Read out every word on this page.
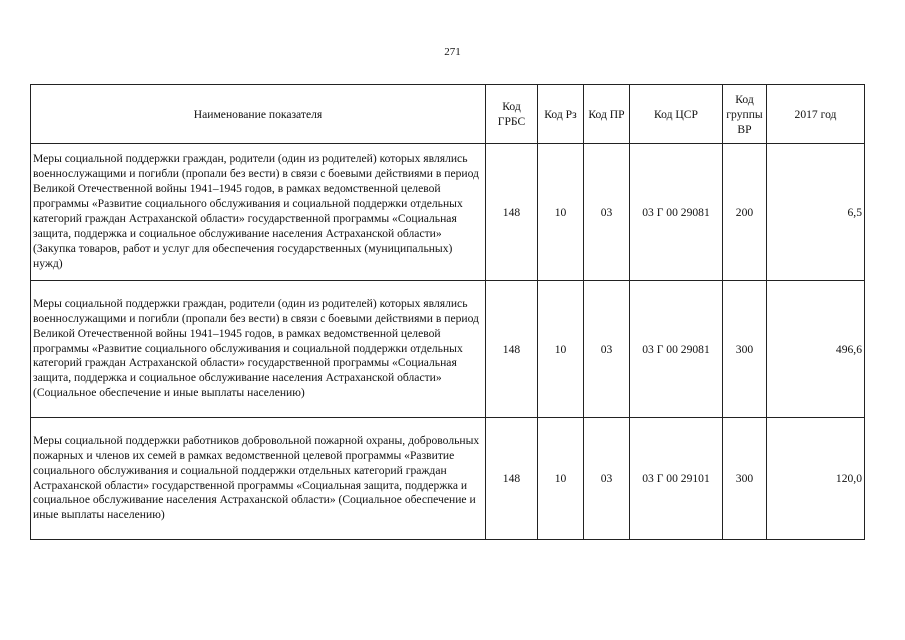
271
Наименование показателя	Код ГРБС	Код Рз	Код ПР	Код ЦСР	Код группы ВР	2017 год
Меры социальной поддержки граждан, родители (один из родителей) которых являлись военнослужащими и погибли (пропали без вести) в связи с боевыми действиями в период Великой Отечественной войны 1941–1945 годов, в рамках ведомственной целевой программы «Развитие социального обслуживания и социальной поддержки отдельных категорий граждан Астраханской области» государственной программы «Социальная защита, поддержка и социальное обслуживание населения Астраханской области» (Закупка товаров, работ и услуг для обеспечения государственных (муниципальных) нужд)	148	10	03	03 Г 00 29081	200	6,5
Меры социальной поддержки граждан, родители (один из родителей) которых являлись военнослужащими и погибли (пропали без вести) в связи с боевыми действиями в период Великой Отечественной войны 1941–1945 годов, в рамках ведомственной целевой программы «Развитие социального обслуживания и социальной поддержки отдельных категорий граждан Астраханской области» государственной программы «Социальная защита, поддержка и социальное обслуживание населения Астраханской области» (Социальное обеспечение и иные выплаты населению)	148	10	03	03 Г 00 29081	300	496,6
Меры социальной поддержки работников добровольной пожарной охраны, добровольных пожарных и членов их семей в рамках ведомственной целевой программы «Развитие социального обслуживания и социальной поддержки отдельных категорий граждан Астраханской области» государственной программы «Социальная защита, поддержка и социальное обслуживание населения Астраханской области» (Социальное обеспечение и иные выплаты населению)	148	10	03	03 Г 00 29101	300	120,0
